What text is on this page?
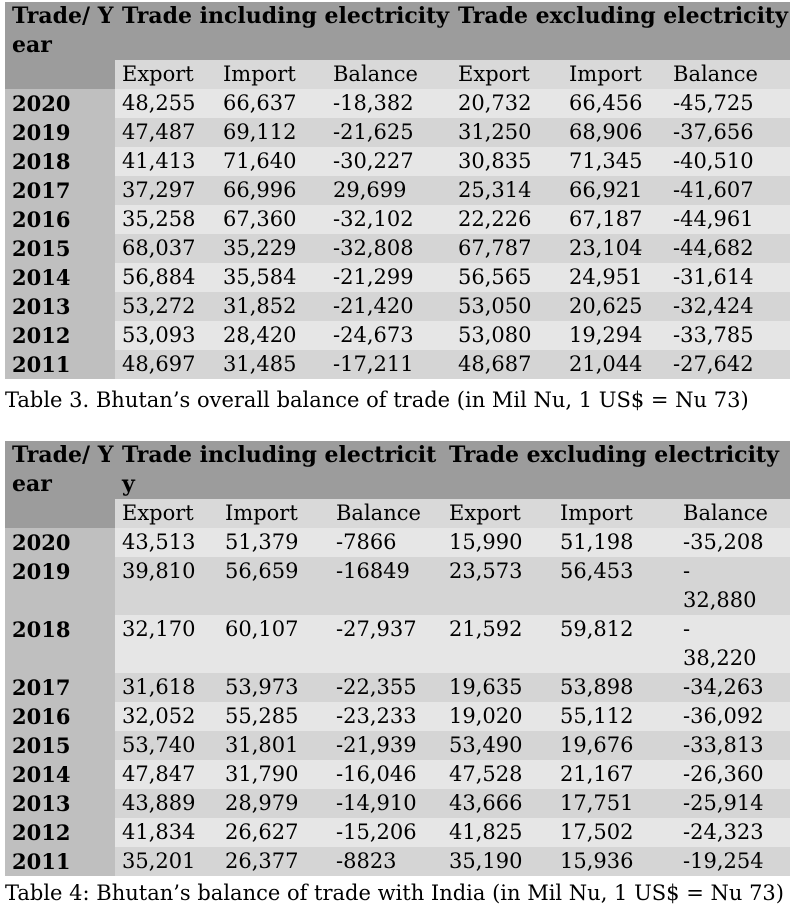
Trade/ Year	Trade including electricity			Trade excluding electricity		

	Export	Import	Balance	Export	Import	Balance
2020	48,255	66,637	-18,382	20,732	66,456	-45,725
2019	47,487	69,112	-21,625	31,250	68,906	-37,656
2018	41,413	71,640	-30,227	30,835	71,345	-40,510
2017	37,297	66,996	29,699	25,314	66,921	-41,607
2016	35,258	67,360	-32,102	22,226	67,187	-44,961
2015	68,037	35,229	-32,808	67,787	23,104	-44,682
2014	56,884	35,584	-21,299	56,565	24,951	-31,614
2013	53,272	31,852	-21,420	53,050	20,625	-32,424
2012	53,093	28,420	-24,673	53,080	19,294	-33,785
2011	48,697	31,485	-17,211	48,687	21,044	-27,642
Table 3. Bhutan’s overall balance of trade (in Mil Nu, 1 US$ = Nu 73)
Trade/ Year	Trade including electricity			Trade excluding electricity		

	Export	Import	Balance	Export	Import	Balance
2020	43,513	51,379	-7866	15,990	51,198	-35,208
2019	39,810	56,659	-16849	23,573	56,453	-
32,880

2018	32,170	60,107	-27,937	21,592	59,812	-
38,220

2017	31,618	53,973	-22,355	19,635	53,898	-34,263
2016	32,052	55,285	-23,233	19,020	55,112	-36,092
2015	53,740	31,801	-21,939	53,490	19,676	-33,813
2014	47,847	31,790	-16,046	47,528	21,167	-26,360
2013	43,889	28,979	-14,910	43,666	17,751	-25,914
2012	41,834	26,627	-15,206	41,825	17,502	-24,323
2011	35,201	26,377	-8823	35,190	15,936	-19,254
Table 4: Bhutan’s balance of trade with India (in Mil Nu, 1 US$ = Nu 73)
